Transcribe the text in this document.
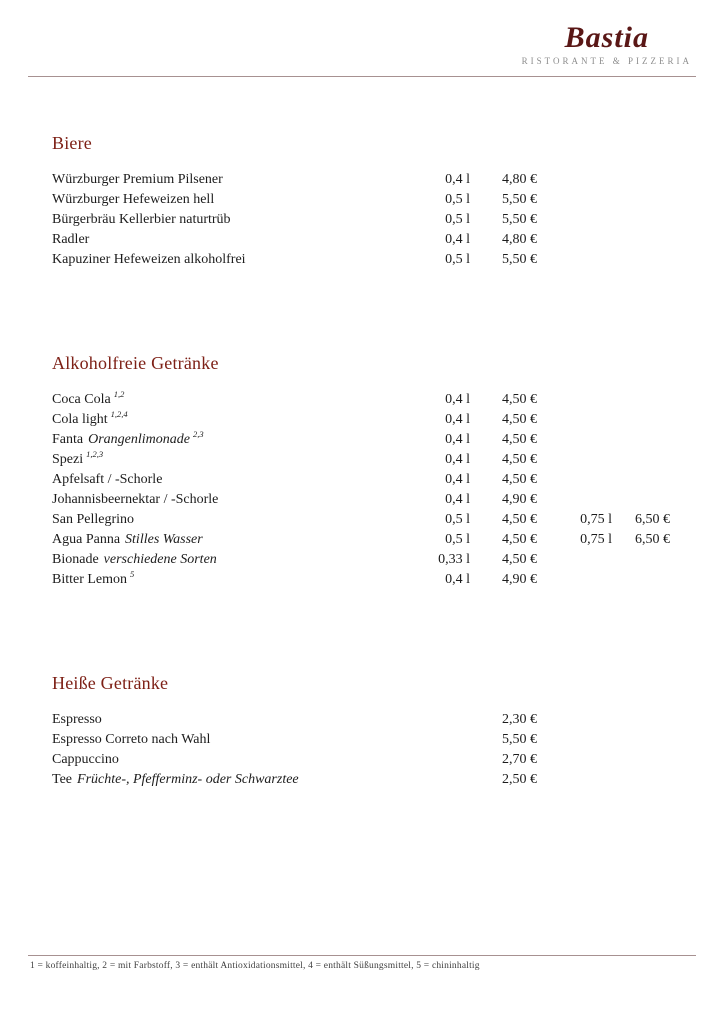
Bastia
RISTORANTE & PIZZERIA
Biere
Würzburger Premium Pilsener	0,4 l	4,80 €
Würzburger Hefeweizen hell	0,5 l	5,50 €
Bürgerbräu Kellerbier naturtrüb	0,5 l	5,50 €
Radler	0,4 l	4,80 €
Kapuziner Hefeweizen alkoholfrei	0,5 l	5,50 €
Alkoholfreie Getränke
Coca Cola $^{1,2}$	0,4 l	4,50 €
Cola light $^{1,2,4}$	0,4 l	4,50 €
Fanta Orangenlimonade $^{2,3}$	0,4 l	4,50 €
Spezi $^{1,2,3}$	0,4 l	4,50 €
Apfelsaft / -Schorle	0,4 l	4,50 €
Johannisbeernektar / -Schorle	0,4 l	4,90 €
San Pellegrino	0,5 l	4,50 €	0,75 l	6,50 €
Agua Panna Stilles Wasser	0,5 l	4,50 €	0,75 l	6,50 €
Bionade verschiedene Sorten	0,33 l	4,50 €
Bitter Lemon $^5$	0,4 l	4,90 €
Heiße Getränke
Espresso	2,30 €
Espresso Correto nach Wahl	5,50 €
Cappuccino	2,70 €
Tee Früchte-, Pfefferminz- oder Schwarztee	2,50 €
1 = koffeinhaltig, 2 = mit Farbstoff, 3 = enthält Antioxidationsmittel, 4 = enthält Süßungsmittel, 5 = chininhaltig
